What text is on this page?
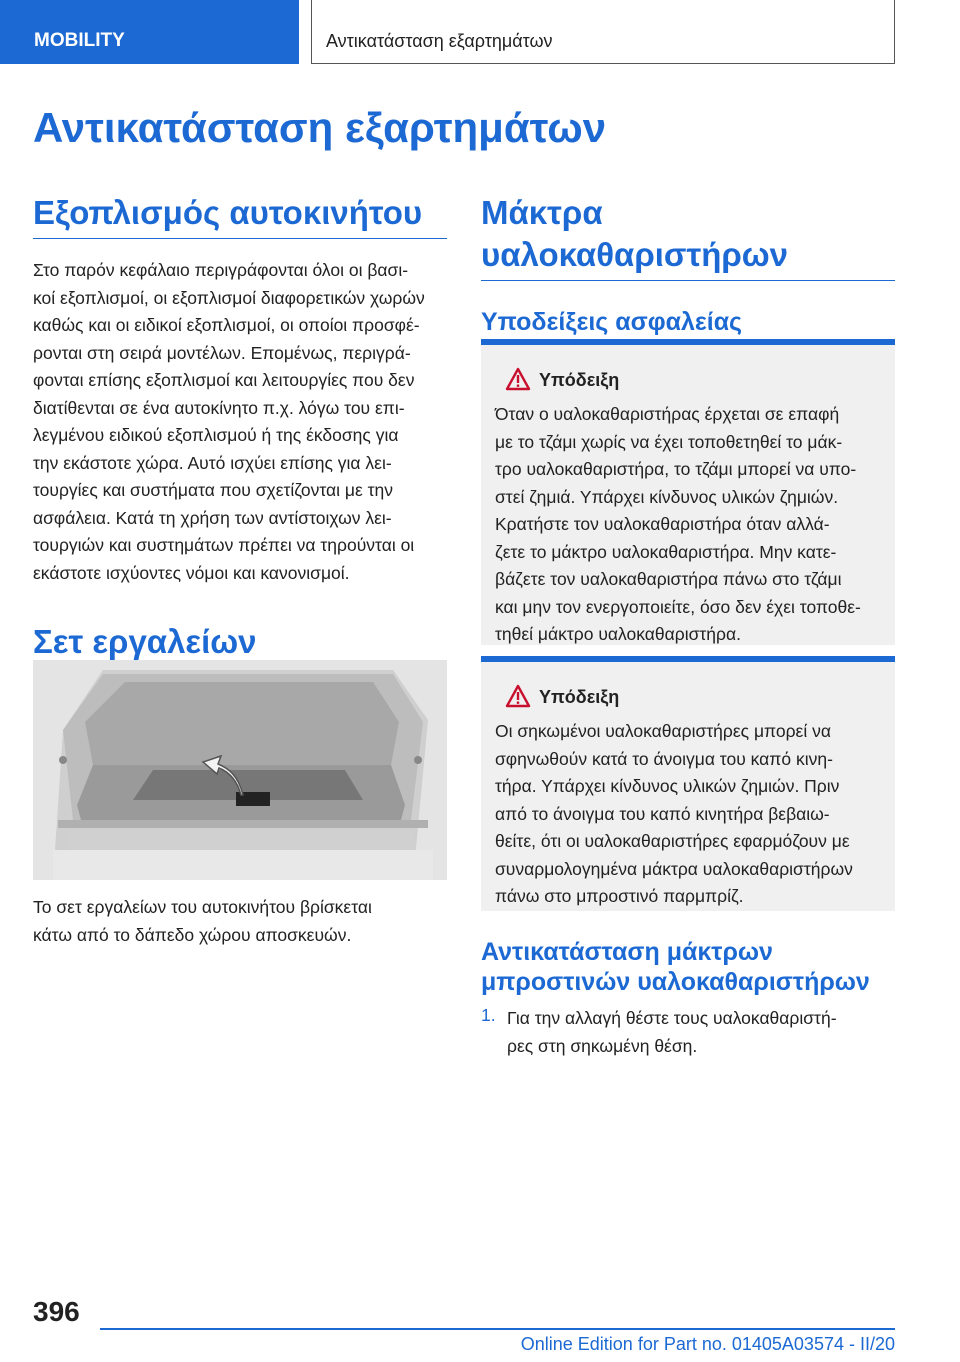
MOBILITY	Αντικατάσταση εξαρτημάτων
Αντικατάσταση εξαρτημάτων
Εξοπλισμός αυτοκινήτου

Στο παρόν κεφάλαιο περιγράφονται όλοι οι βασι-
κοί εξοπλισμοί, οι εξοπλισμοί διαφορετικών χωρών
καθώς και οι ειδικοί εξοπλισμοί, οι οποίοι προσφέ-
ρονται στη σειρά μοντέλων. Επομένως, περιγρά-
φονται επίσης εξοπλισμοί και λειτουργίες που δεν
διατίθενται σε ένα αυτοκίνητο π.χ. λόγω του επι-
λεγμένου ειδικού εξοπλισμού ή της έκδοσης για
την εκάστοτε χώρα. Αυτό ισχύει επίσης για λει-
τουργίες και συστήματα που σχετίζονται με την
ασφάλεια. Κατά τη χρήση των αντίστοιχων λει-
τουργιών και συστημάτων πρέπει να τηρούνται οι
εκάστοτε ισχύοντες νόμοι και κανονισμοί.

Σετ εργαλείων

Το σετ εργαλείων του αυτοκινήτου βρίσκεται
κάτω από το δάπεδο χώρου αποσκευών.

Μάκτρα
υαλοκαθαριστήρων
Υποδείξεις ασφαλείας
Υπόδειξη

Όταν ο υαλοκαθαριστήρας έρχεται σε επαφή
με το τζάμι χωρίς να έχει τοποθετηθεί το μάκ-
τρο υαλοκαθαριστήρα, το τζάμι μπορεί να υπο-
στεί ζημιά. Υπάρχει κίνδυνος υλικών ζημιών.
Κρατήστε τον υαλοκαθαριστήρα όταν αλλά-
ζετε το μάκτρο υαλοκαθαριστήρα. Μην κατε-
βάζετε τον υαλοκαθαριστήρα πάνω στο τζάμι
και μην τον ενεργοποιείτε, όσο δεν έχει τοποθε-
τηθεί μάκτρο υαλοκαθαριστήρα.

Υπόδειξη

Οι σηκωμένοι υαλοκαθαριστήρες μπορεί να
σφηνωθούν κατά το άνοιγμα του καπό κινη-
τήρα. Υπάρχει κίνδυνος υλικών ζημιών. Πριν
από το άνοιγμα του καπό κινητήρα βεβαιω-
θείτε, ότι οι υαλοκαθαριστήρες εφαρμόζουν με
συναρμολογημένα μάκτρα υαλοκαθαριστήρων
πάνω στο μπροστινό παρμπρίζ.

Αντικατάσταση μάκτρων
μπροστινών υαλοκαθαριστήρων
1. Για την αλλαγή θέστε τους υαλοκαθαριστή-
ρες στη σηκωμένη θέση.
396
Online Edition for Part no. 01405A03574 - II/20
